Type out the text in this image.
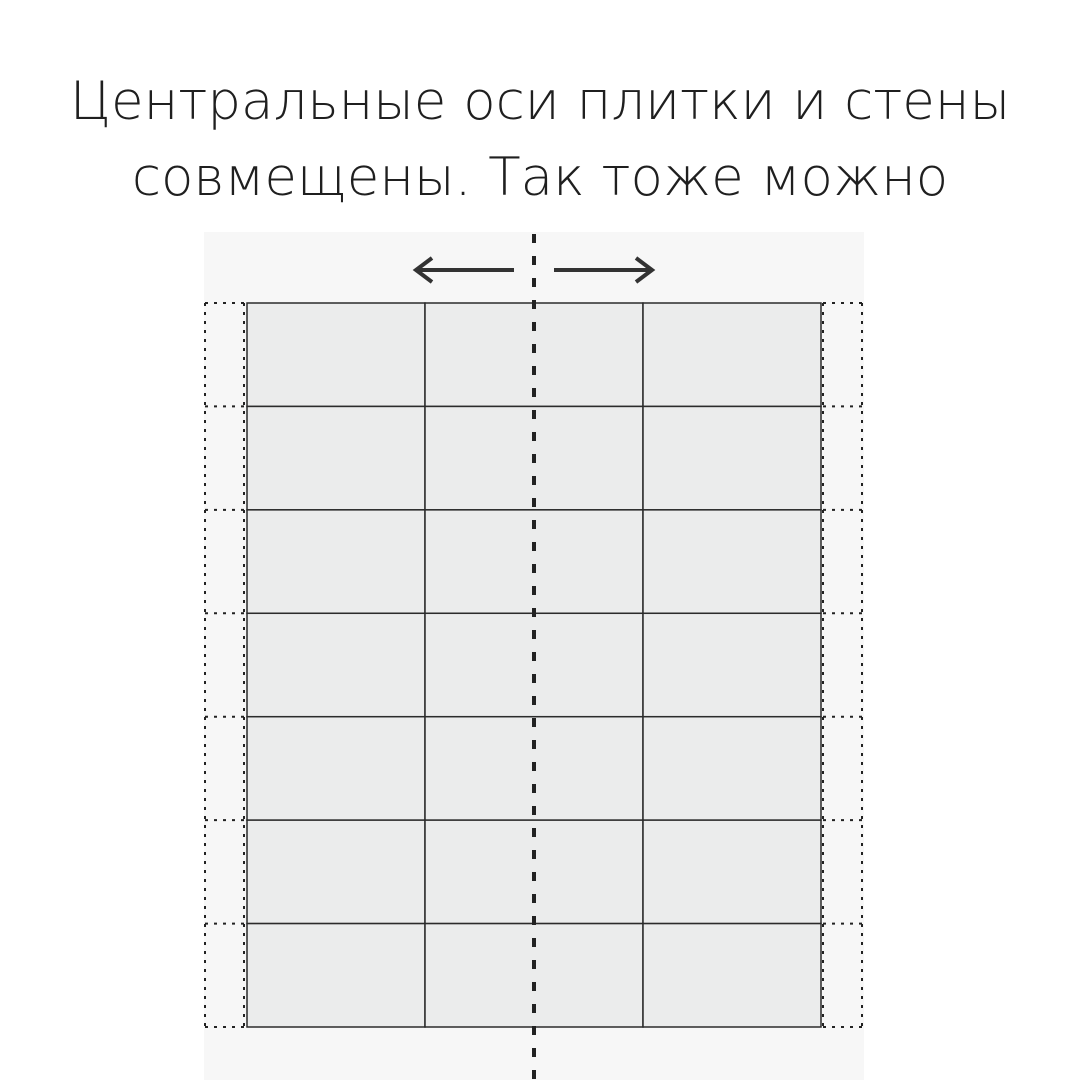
Центральные оси плитки и стены
совмещены. Так тоже можно
